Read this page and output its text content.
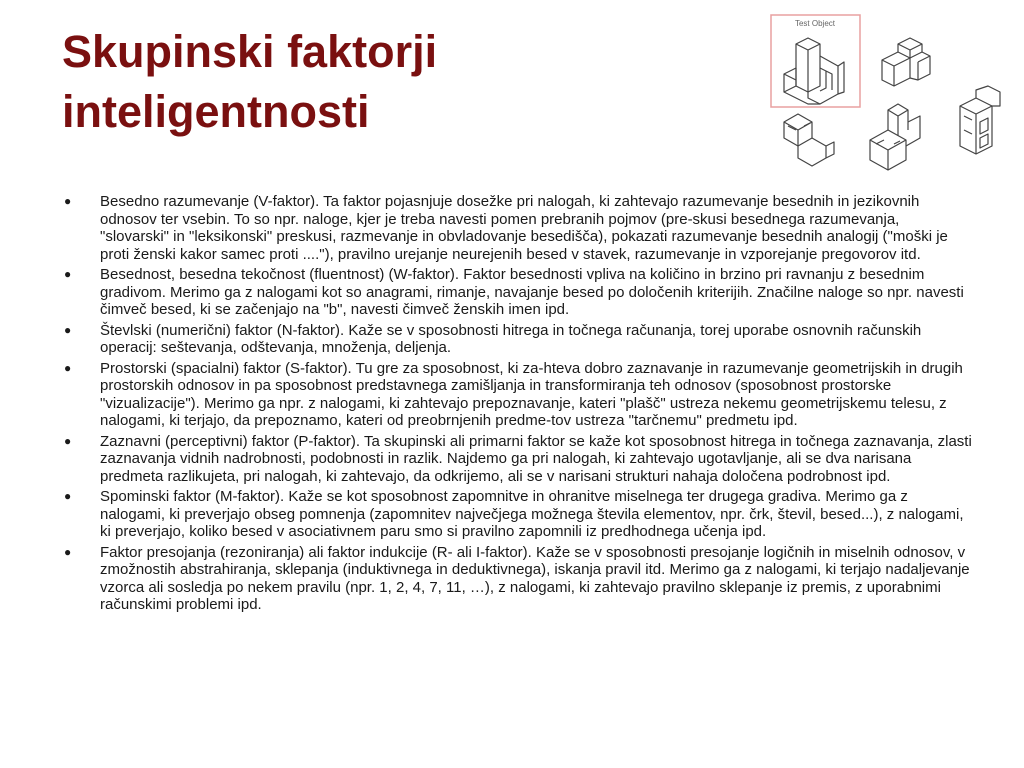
Skupinski faktorji
inteligentnosti
Test Object
● Besedno razumevanje (V-faktor). Ta faktor pojasnjuje dosežke pri nalogah, ki zahtevajo razumevanje besednih in jezikovnih odnosov ter vsebin. To so npr. naloge, kjer je treba navesti pomen prebranih pojmov (pre-skusi besednega razumevanja, "slovarski" in "leksikonski" preskusi, razmevanje in obvladovanje besedišča), pokazati razumevanje besednih analogij ("moški je proti ženski kakor samec proti ...."), pravilno urejanje neurejenih besed v stavek, razumevanje in vzporejanje pregovorov itd.
● Besednost, besedna tekočnost (fluentnost) (W-faktor). Faktor besednosti vpliva na količino in brzino pri ravnanju z besednim gradivom. Merimo ga z nalogami kot so anagrami, rimanje, navajanje besed po določenih kriterijih. Značilne naloge so npr. navesti čimveč besed, ki se začenjajo na "b", navesti čimveč ženskih imen ipd.
● Števlski (numerični) faktor (N-faktor). Kaže se v sposobnosti hitrega in točnega računanja, torej uporabe osnovnih računskih operacij: seštevanja, odštevanja, množenja, deljenja.
● Prostorski (spacialni) faktor (S-faktor). Tu gre za sposobnost, ki za-hteva dobro zaznavanje in razumevanje geometrijskih in drugih prostorskih odnosov in pa sposobnost predstavnega zamišljanja in transformiranja teh odnosov (sposobnost prostorske "vizualizacije"). Merimo ga npr. z nalogami, ki zahtevajo prepoznavanje, kateri "plašč" ustreza nekemu geometrijskemu telesu, z nalogami, ki terjajo, da prepoznamo, kateri od preobrnjenih predme-tov ustreza "tarčnemu" predmetu ipd.
● Zaznavni (perceptivni) faktor (P-faktor). Ta skupinski ali primarni faktor se kaže kot sposobnost hitrega in točnega zaznavanja, zlasti zaznavanja vidnih nadrobnosti, podobnosti in razlik. Najdemo ga pri nalogah, ki zahtevajo ugotavljanje, ali se dva narisana predmeta razlikujeta, pri nalogah, ki zahtevajo, da odkrijemo, ali se v narisani strukturi nahaja določena podrobnost ipd.
● Spominski faktor (M-faktor). Kaže se kot sposobnost zapomnitve in ohranitve miselnega ter drugega gradiva. Merimo ga z nalogami, ki preverjajo obseg pomnenja (zapomnitev največjega možnega števila elementov, npr. črk, števil, besed...), z nalogami, ki preverjajo, koliko besed v asociativnem paru smo si pravilno zapomnili iz predhodnega učenja ipd.
● Faktor presojanja (rezoniranja) ali faktor indukcije (R- ali I-faktor). Kaže se v sposobnosti presojanje logičnih in miselnih odnosov, v zmožnostih abstrahiranja, sklepanja (induktivnega in deduktivnega), iskanja pravil itd. Merimo ga z nalogami, ki terjajo nadaljevanje vzorca ali sosledja po nekem pravilu (npr. 1, 2, 4, 7, 11, …), z nalogami, ki zahtevajo pravilno sklepanje iz premis, z uporabnimi računskimi problemi ipd.
